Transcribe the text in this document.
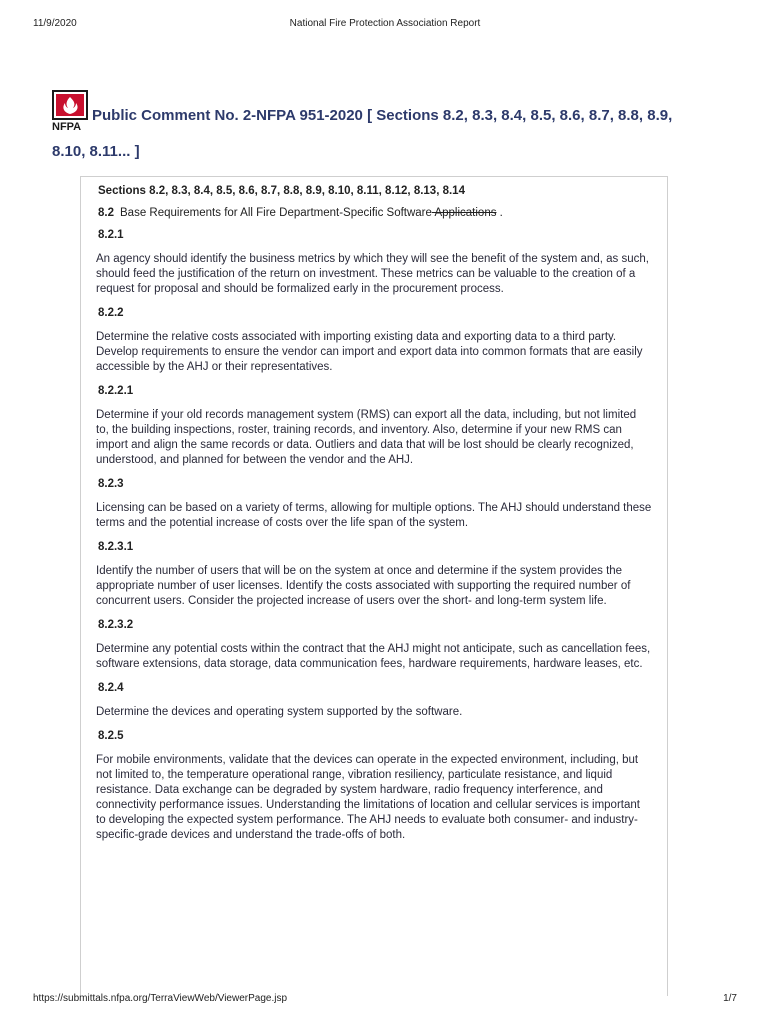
11/9/2020	National Fire Protection Association Report
NFPA

Public Comment No. 2-NFPA 951-2020 [ Sections 8.2, 8.3, 8.4, 8.5, 8.6, 8.7, 8.8, 8.9, 8.10, 8.11... ]

Sections 8.2, 8.3, 8.4, 8.5, 8.6, 8.7, 8.8, 8.9, 8.10, 8.11, 8.12, 8.13, 8.14
8.2 Base Requirements for All Fire Department-Specific Software Applications .
8.2.1
An agency should identify the business metrics by which they will see the benefit of the system and, as such, should feed the justification of the return on investment. These metrics can be valuable to the creation of a request for proposal and should be formalized early in the procurement process.
8.2.2
Determine the relative costs associated with importing existing data and exporting data to a third party. Develop requirements to ensure the vendor can import and export data into common formats that are easily accessible by the AHJ or their representatives.
8.2.2.1
Determine if your old records management system (RMS) can export all the data, including, but not limited to, the building inspections, roster, training records, and inventory. Also, determine if your new RMS can import and align the same records or data. Outliers and data that will be lost should be clearly recognized, understood, and planned for between the vendor and the AHJ.
8.2.3
Licensing can be based on a variety of terms, allowing for multiple options. The AHJ should understand these terms and the potential increase of costs over the life span of the system.
8.2.3.1
Identify the number of users that will be on the system at once and determine if the system provides the appropriate number of user licenses. Identify the costs associated with supporting the required number of concurrent users. Consider the projected increase of users over the short- and long-term system life.
8.2.3.2
Determine any potential costs within the contract that the AHJ might not anticipate, such as cancellation fees, software extensions, data storage, data communication fees, hardware requirements, hardware leases, etc.
8.2.4
Determine the devices and operating system supported by the software.
8.2.5
For mobile environments, validate that the devices can operate in the expected environment, including, but not limited to, the temperature operational range, vibration resiliency, particulate resistance, and liquid resistance. Data exchange can be degraded by system hardware, radio frequency interference, and connectivity performance issues. Understanding the limitations of location and cellular services is important to developing the expected system performance. The AHJ needs to evaluate both consumer- and industry-specific-grade devices and understand the trade-offs of both.
https://submittals.nfpa.org/TerraViewWeb/ViewerPage.jsp	1/7
